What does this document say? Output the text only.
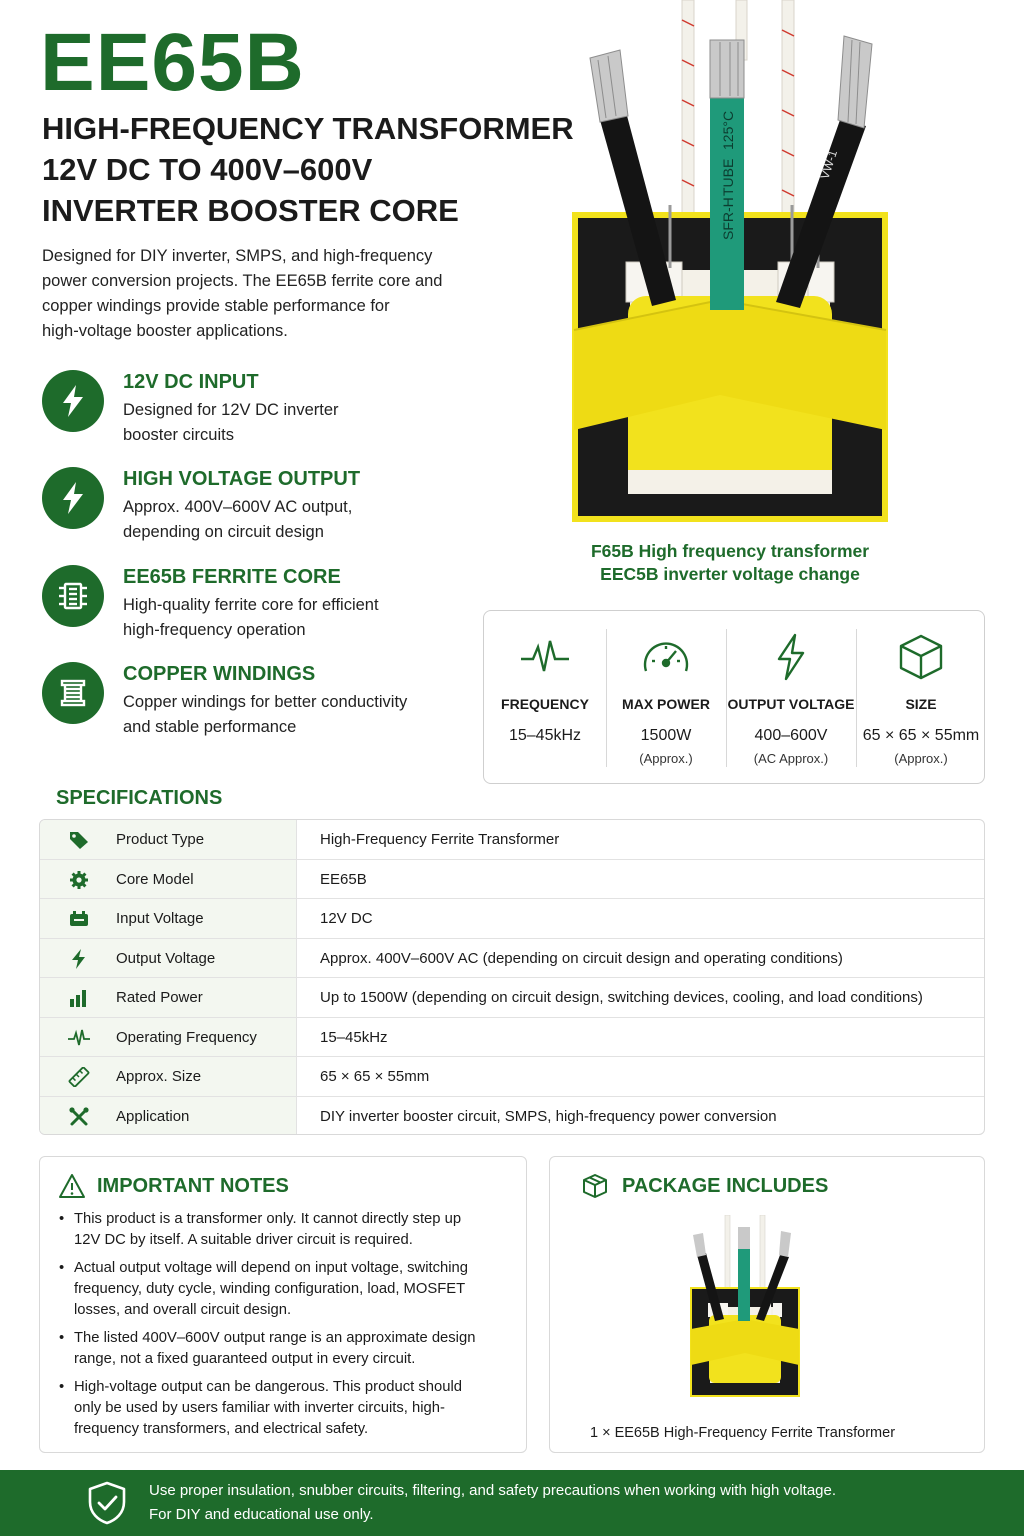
EE65B
HIGH-FREQUENCY TRANSFORMER
12V DC TO 400V–600V
INVERTER BOOSTER CORE
Designed for DIY inverter, SMPS, and high-frequency
power conversion projects. The EE65B ferrite core and
copper windings provide stable performance for
high-voltage booster applications.
12V DC INPUT
Designed for 12V DC inverter
booster circuits
HIGH VOLTAGE OUTPUT
Approx. 400V–600V AC output,
depending on circuit design
EE65B FERRITE CORE
High-quality ferrite core for efficient
high-frequency operation
COPPER WINDINGS
Copper windings for better conductivity
and stable performance
SFR-H
TUBE
125°C
VW-1
F65B High frequency transformer
EEC5B inverter voltage change
FREQUENCY
15–45kHz
MAX POWER
1500W
(Approx.)
OUTPUT VOLTAGE
400–600V
(AC Approx.)
SIZE
65 × 65 × 55mm
(Approx.)
SPECIFICATIONS
Product Type	High-Frequency Ferrite Transformer
Core Model	EE65B
Input Voltage	12V DC
Output Voltage	Approx. 400V–600V AC (depending on circuit design and operating conditions)
Rated Power	Up to 1500W (depending on circuit design, switching devices, cooling, and load conditions)
Operating Frequency	15–45kHz
Approx. Size	65 × 65 × 55mm
Application	DIY inverter booster circuit, SMPS, high-frequency power conversion
IMPORTANT NOTES
• This product is a transformer only. It cannot directly step up
12V DC by itself. A suitable driver circuit is required.
• Actual output voltage will depend on input voltage, switching
frequency, duty cycle, winding configuration, load, MOSFET
losses, and overall circuit design.
• The listed 400V–600V output range is an approximate design
range, not a fixed guaranteed output in every circuit.
• High-voltage output can be dangerous. This product should
only be used by users familiar with inverter circuits, high-
frequency transformers, and electrical safety.
PACKAGE INCLUDES
1 × EE65B High-Frequency Ferrite Transformer
Use proper insulation, snubber circuits, filtering, and safety precautions when working with high voltage.
For DIY and educational use only.
